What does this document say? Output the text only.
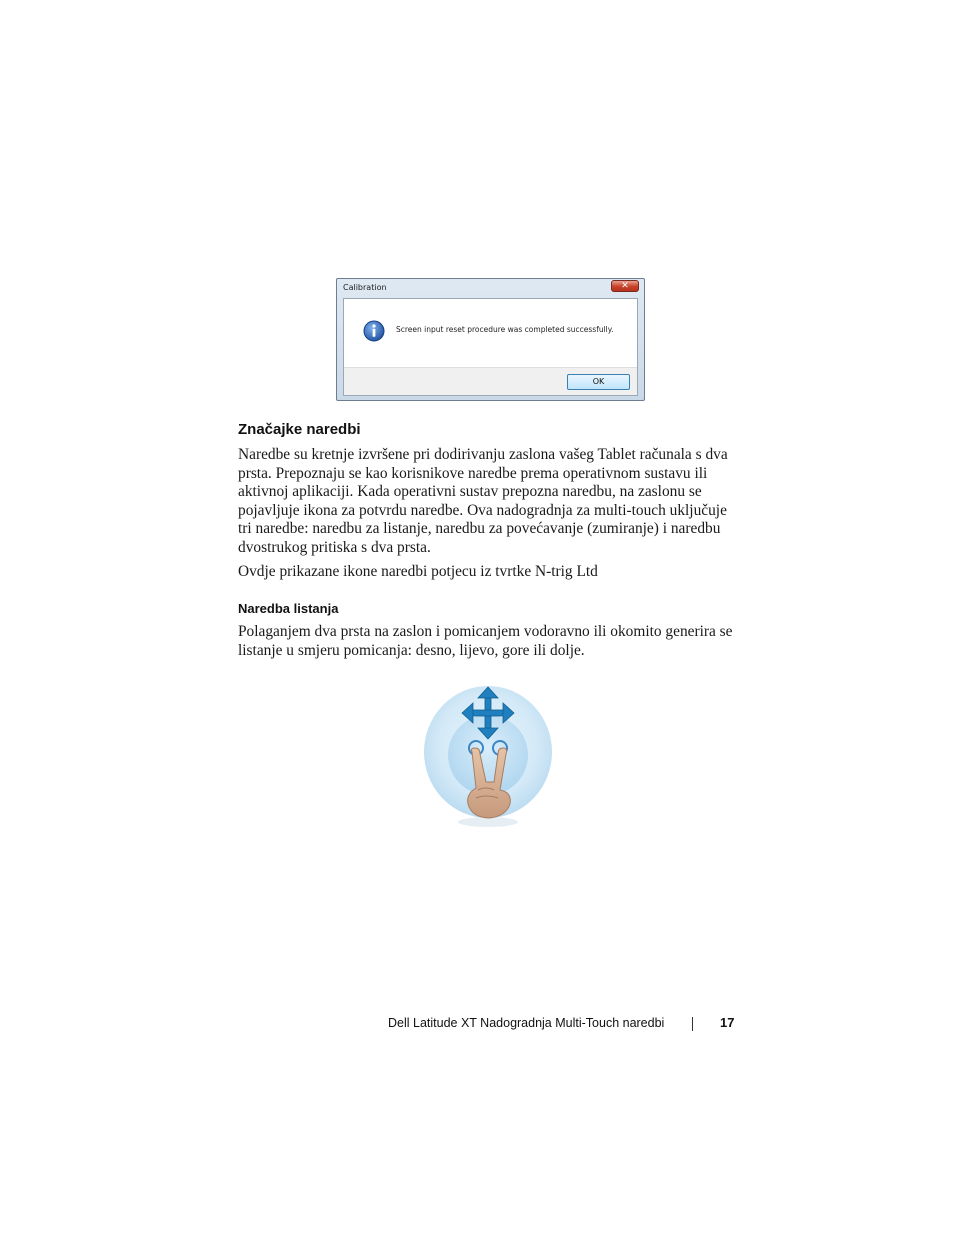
Calibration	✕
Screen input reset procedure was completed successfully.
OK
Značajke naredbi

Naredbe su kretnje izvršene pri dodirivanju zaslona vašeg Tablet računala s dva prsta. Prepoznaju se kao korisnikove naredbe prema operativnom sustavu ili aktivnoj aplikaciji. Kada operativni sustav prepozna naredbu, na zaslonu se pojavljuje ikona za potvrdu naredbe. Ova nadogradnja za multi-touch uključuje tri naredbe: naredbu za listanje, naredbu za povećavanje (zumiranje) i naredbu dvostrukog pritiska s dva prsta.

Ovdje prikazane ikone naredbi potjecu iz tvrtke N-trig Ltd

Naredba listanja

Polaganjem dva prsta na zaslon i pomicanjem vodoravno ili okomito generira se listanje u smjeru pomicanja: desno, lijevo, gore ili dolje.

Dell Latitude XT Nadogradnja Multi-Touch naredbi	17
